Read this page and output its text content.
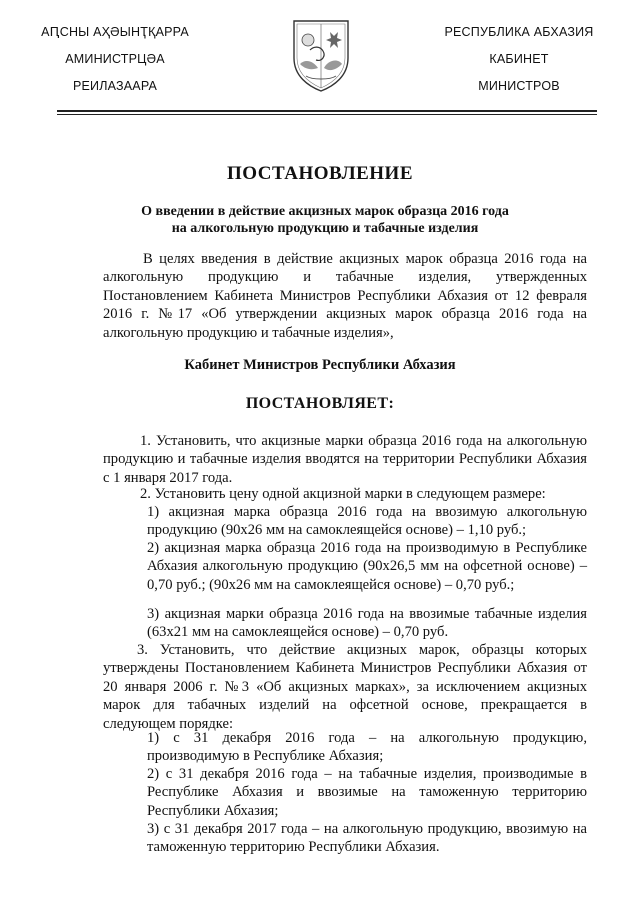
АԤСНЫ АҲӘЫНҬҚАРРА
АМИНИСТРЦӘА
РЕИЛАЗААРА
РЕСПУБЛИКА АБХАЗИЯ
КАБИНЕТ
МИНИСТРОВ
ПОСТАНОВЛЕНИЕ
О введении в действие акцизных марок образца 2016 года
на алкогольную продукцию и табачные изделия

В целях введения в действие акцизных марок образца 2016 года на алкогольную продукцию и табачные изделия, утвержденных Постановлением Кабинета Министров Республики Абхазия от 12 февраля 2016 г. №17 «Об утверждении акцизных марок образца 2016 года на алкогольную продукцию и табачные изделия»,

Кабинет Министров Республики Абхазия
ПОСТАНОВЛЯЕТ:

1. Установить, что акцизные марки образца 2016 года на алкогольную продукцию и табачные изделия вводятся на территории Республики Абхазия с 1 января 2017 года.

2. Установить цену одной акцизной марки в следующем размере:

1) акцизная марка образца 2016 года на ввозимую алкогольную продукцию (90х26 мм на самоклеящейся основе) – 1,10 руб.;

2) акцизная марка образца 2016 года на производимую в Республике Абхазия алкогольную продукцию (90х26,5 мм на офсетной основе) – 0,70 руб.; (90х26 мм на самоклеящейся основе) – 0,70 руб.;

3) акцизная марки образца 2016 года на ввозимые табачные изделия (63х21 мм на самоклеящейся основе) – 0,70 руб.

3. Установить, что действие акцизных марок, образцы которых утверждены Постановлением Кабинета Министров Республики Абхазия от 20 января 2006 г. №3 «Об акцизных марках», за исключением акцизных марок для табачных изделий на офсетной основе, прекращается в следующем порядке:

1) с 31 декабря 2016 года – на алкогольную продукцию, производимую в Республике Абхазия;

2) с 31 декабря 2016 года – на табачные изделия, производимые в Республике Абхазия и ввозимые на таможенную территорию Республики Абхазия;

3) с 31 декабря 2017 года – на алкогольную продукцию, ввозимую на таможенную территорию Республики Абхазия.
